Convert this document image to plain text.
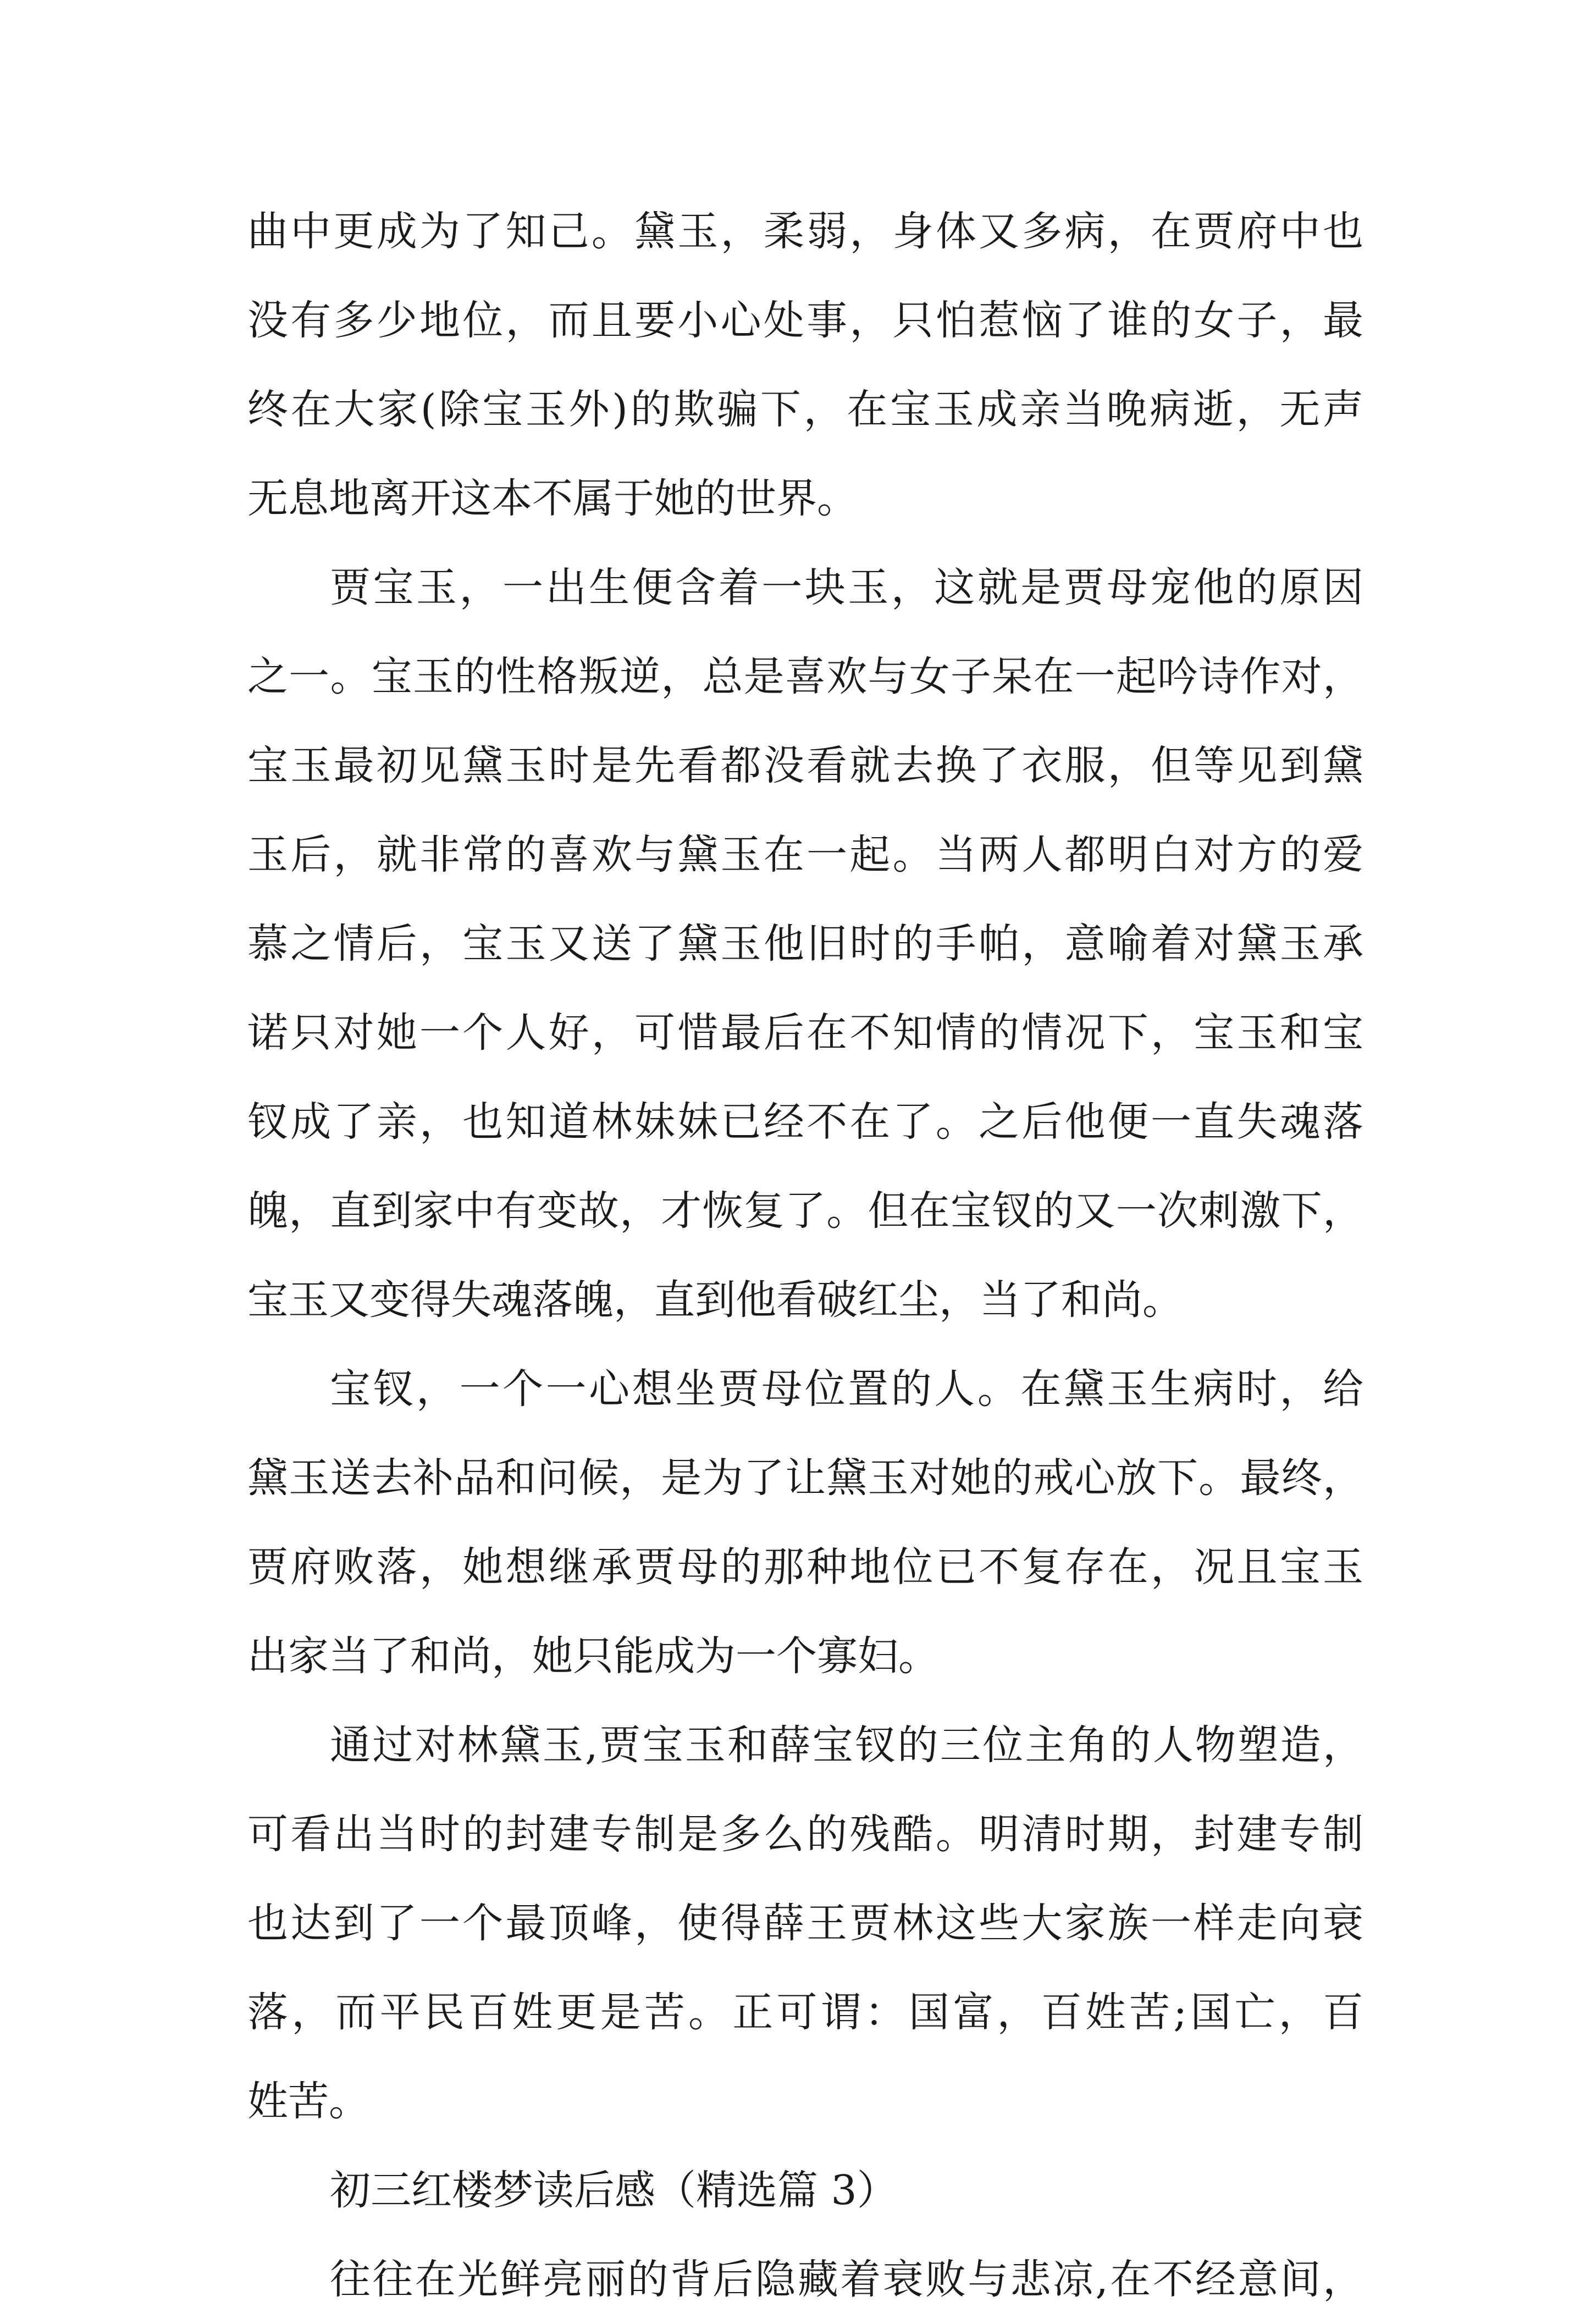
曲中更成为了知己。黛玉，柔弱，身体又多病，在贾府中也
没有多少地位，而且要小心处事，只怕惹恼了谁的女子，最
终在大家(除宝玉外)的欺骗下，在宝玉成亲当晚病逝，无声
无息地离开这本不属于她的世界。
贾宝玉，一出生便含着一块玉，这就是贾母宠他的原因
之一。宝玉的性格叛逆，总是喜欢与女子呆在一起吟诗作对，
宝玉最初见黛玉时是先看都没看就去换了衣服，但等见到黛
玉后，就非常的喜欢与黛玉在一起。当两人都明白对方的爱
慕之情后，宝玉又送了黛玉他旧时的手帕，意喻着对黛玉承
诺只对她一个人好，可惜最后在不知情的情况下，宝玉和宝
钗成了亲，也知道林妹妹已经不在了。之后他便一直失魂落
魄，直到家中有变故，才恢复了。但在宝钗的又一次刺激下，
宝玉又变得失魂落魄，直到他看破红尘，当了和尚。
宝钗，一个一心想坐贾母位置的人。在黛玉生病时，给
黛玉送去补品和问候，是为了让黛玉对她的戒心放下。最终，
贾府败落，她想继承贾母的那种地位已不复存在，况且宝玉
出家当了和尚，她只能成为一个寡妇。
通过对林黛玉,贾宝玉和薛宝钗的三位主角的人物塑造，
可看出当时的封建专制是多么的残酷。明清时期，封建专制
也达到了一个最顶峰，使得薛王贾林这些大家族一样走向衰
落，而平民百姓更是苦。正可谓：国富，百姓苦;国亡，百
姓苦。
初三红楼梦读后感（精选篇 3）
往往在光鲜亮丽的背后隐藏着衰败与悲凉,在不经意间，
